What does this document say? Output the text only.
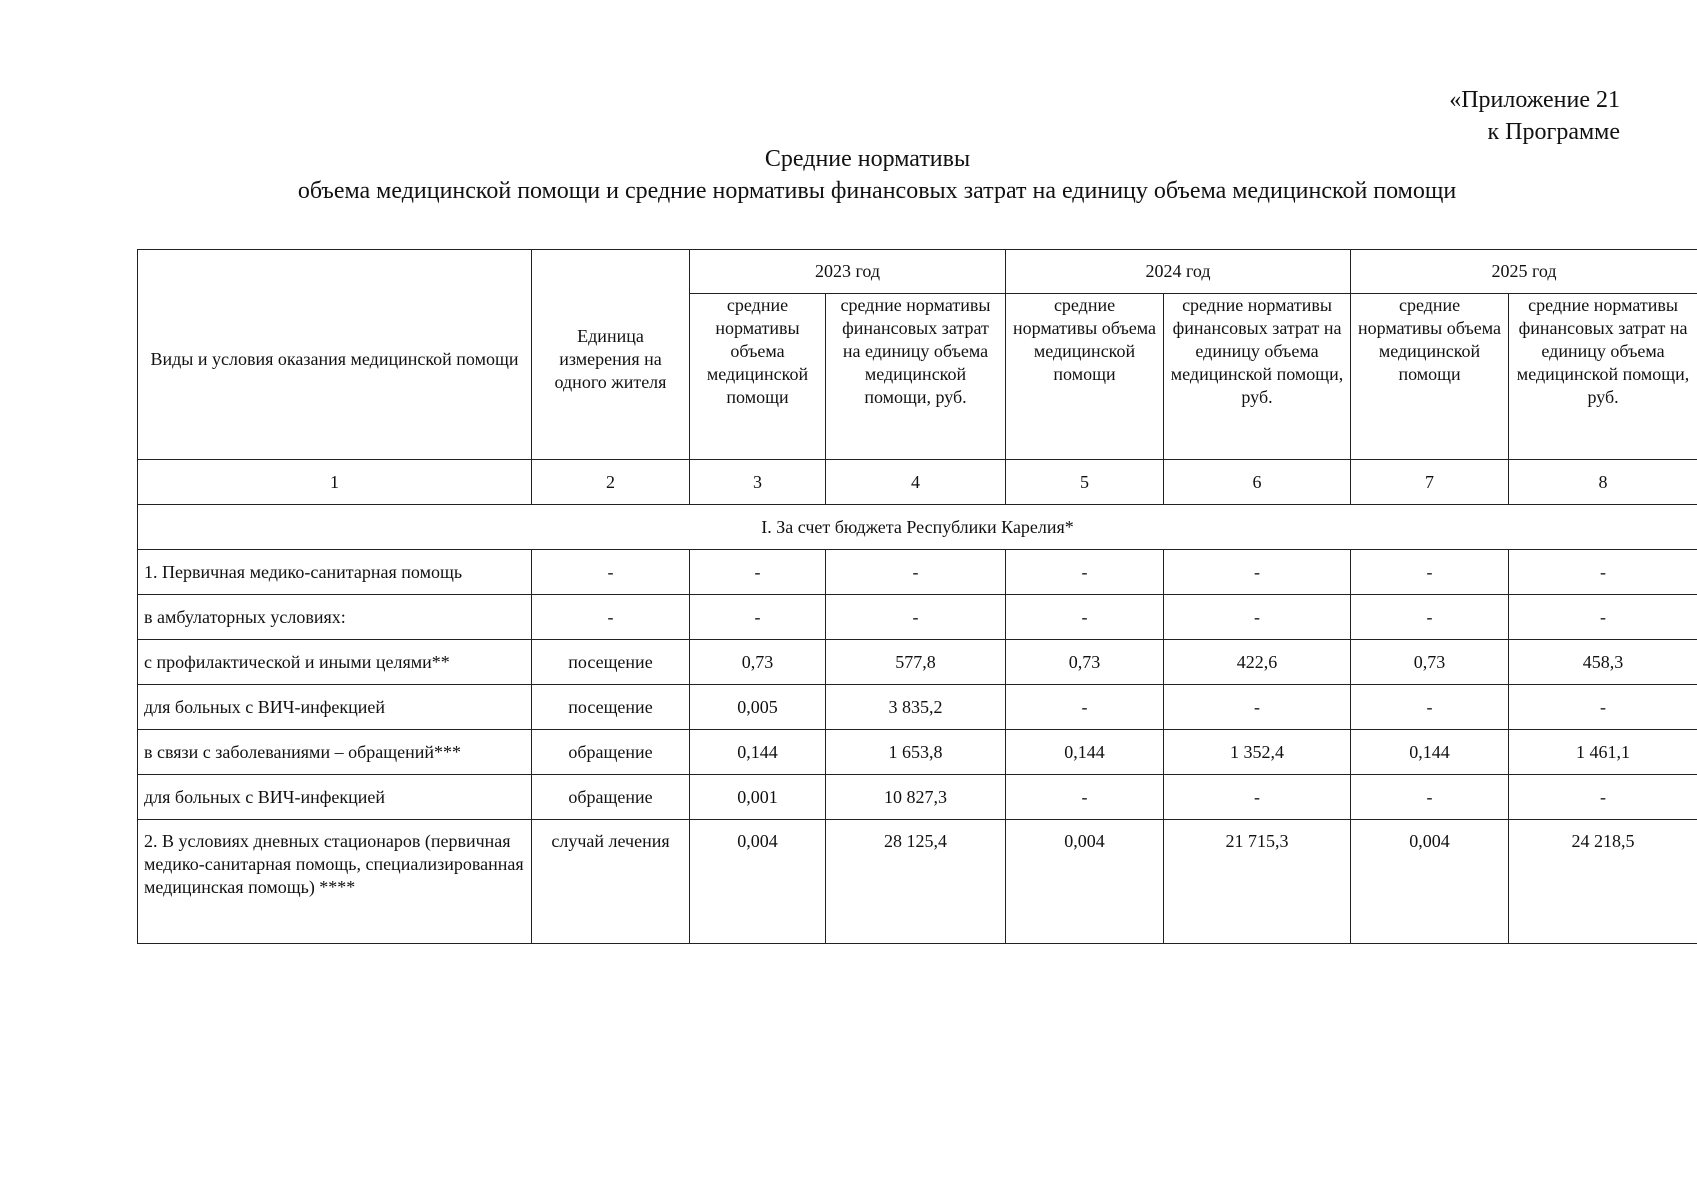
«Приложение 21
к Программе
Средние нормативы
объема медицинской помощи и средние нормативы финансовых затрат на единицу объема медицинской помощи
Виды и условия оказания медицинской помощи	Единица измерения на одного жителя	2023 год		2024 год		2025 год	
		средние нормативы объема медицинской помощи	средние нормативы финансовых затрат на единицу объема медицинской помощи, руб.	средние нормативы объема медицинской помощи	средние нормативы финансовых затрат на единицу объема медицинской помощи, руб.	средние нормативы объема медицинской помощи	средние нормативы финансовых затрат на единицу объема медицинской помощи, руб.
1	2	3	4	5	6	7	8
I. За счет бюджета Республики Карелия*							
1. Первичная медико-санитарная помощь	-	-	-	-	-	-	-
в амбулаторных условиях:	-	-	-	-	-	-	-
с профилактической и иными целями**	посещение	0,73	577,8	0,73	422,6	0,73	458,3
для больных с ВИЧ-инфекцией	посещение	0,005	3 835,2	-	-	-	-
в связи с заболеваниями – обращений***	обращение	0,144	1 653,8	0,144	1 352,4	0,144	1 461,1
для больных с ВИЧ-инфекцией	обращение	0,001	10 827,3	-	-	-	-
2. В условиях дневных стационаров (первичная медико-санитарная помощь, специализированная медицинская помощь) ****	случай лечения	0,004	28 125,4	0,004	21 715,3	0,004	24 218,5
